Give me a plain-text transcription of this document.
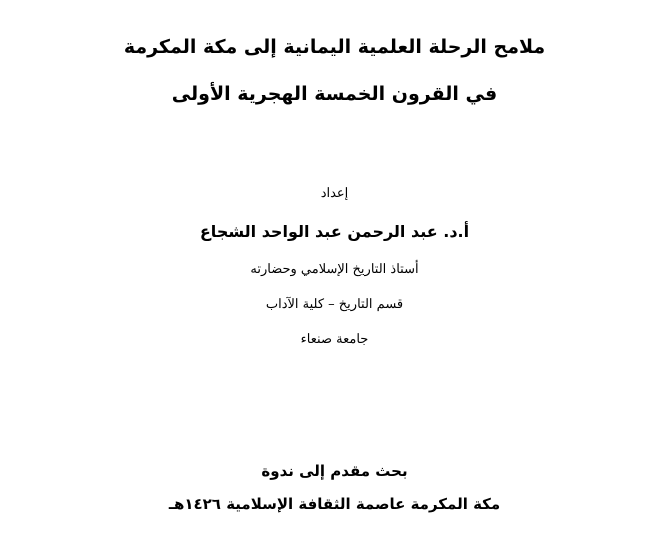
ملامح الرحلة العلمية اليمانية إلى مكة المكرمة
في القرون الخمسة الهجرية الأولى
إعداد
أ.د. عبد الرحمن عبد الواحد الشجاع
أستاذ التاريخ الإسلامي وحضارته
قسم التاريخ – كلية الآداب
جامعة صنعاء
بحث مقدم إلى ندوة
مكة المكرمة عاصمة الثقافة الإسلامية ١٤٢٦هـ
